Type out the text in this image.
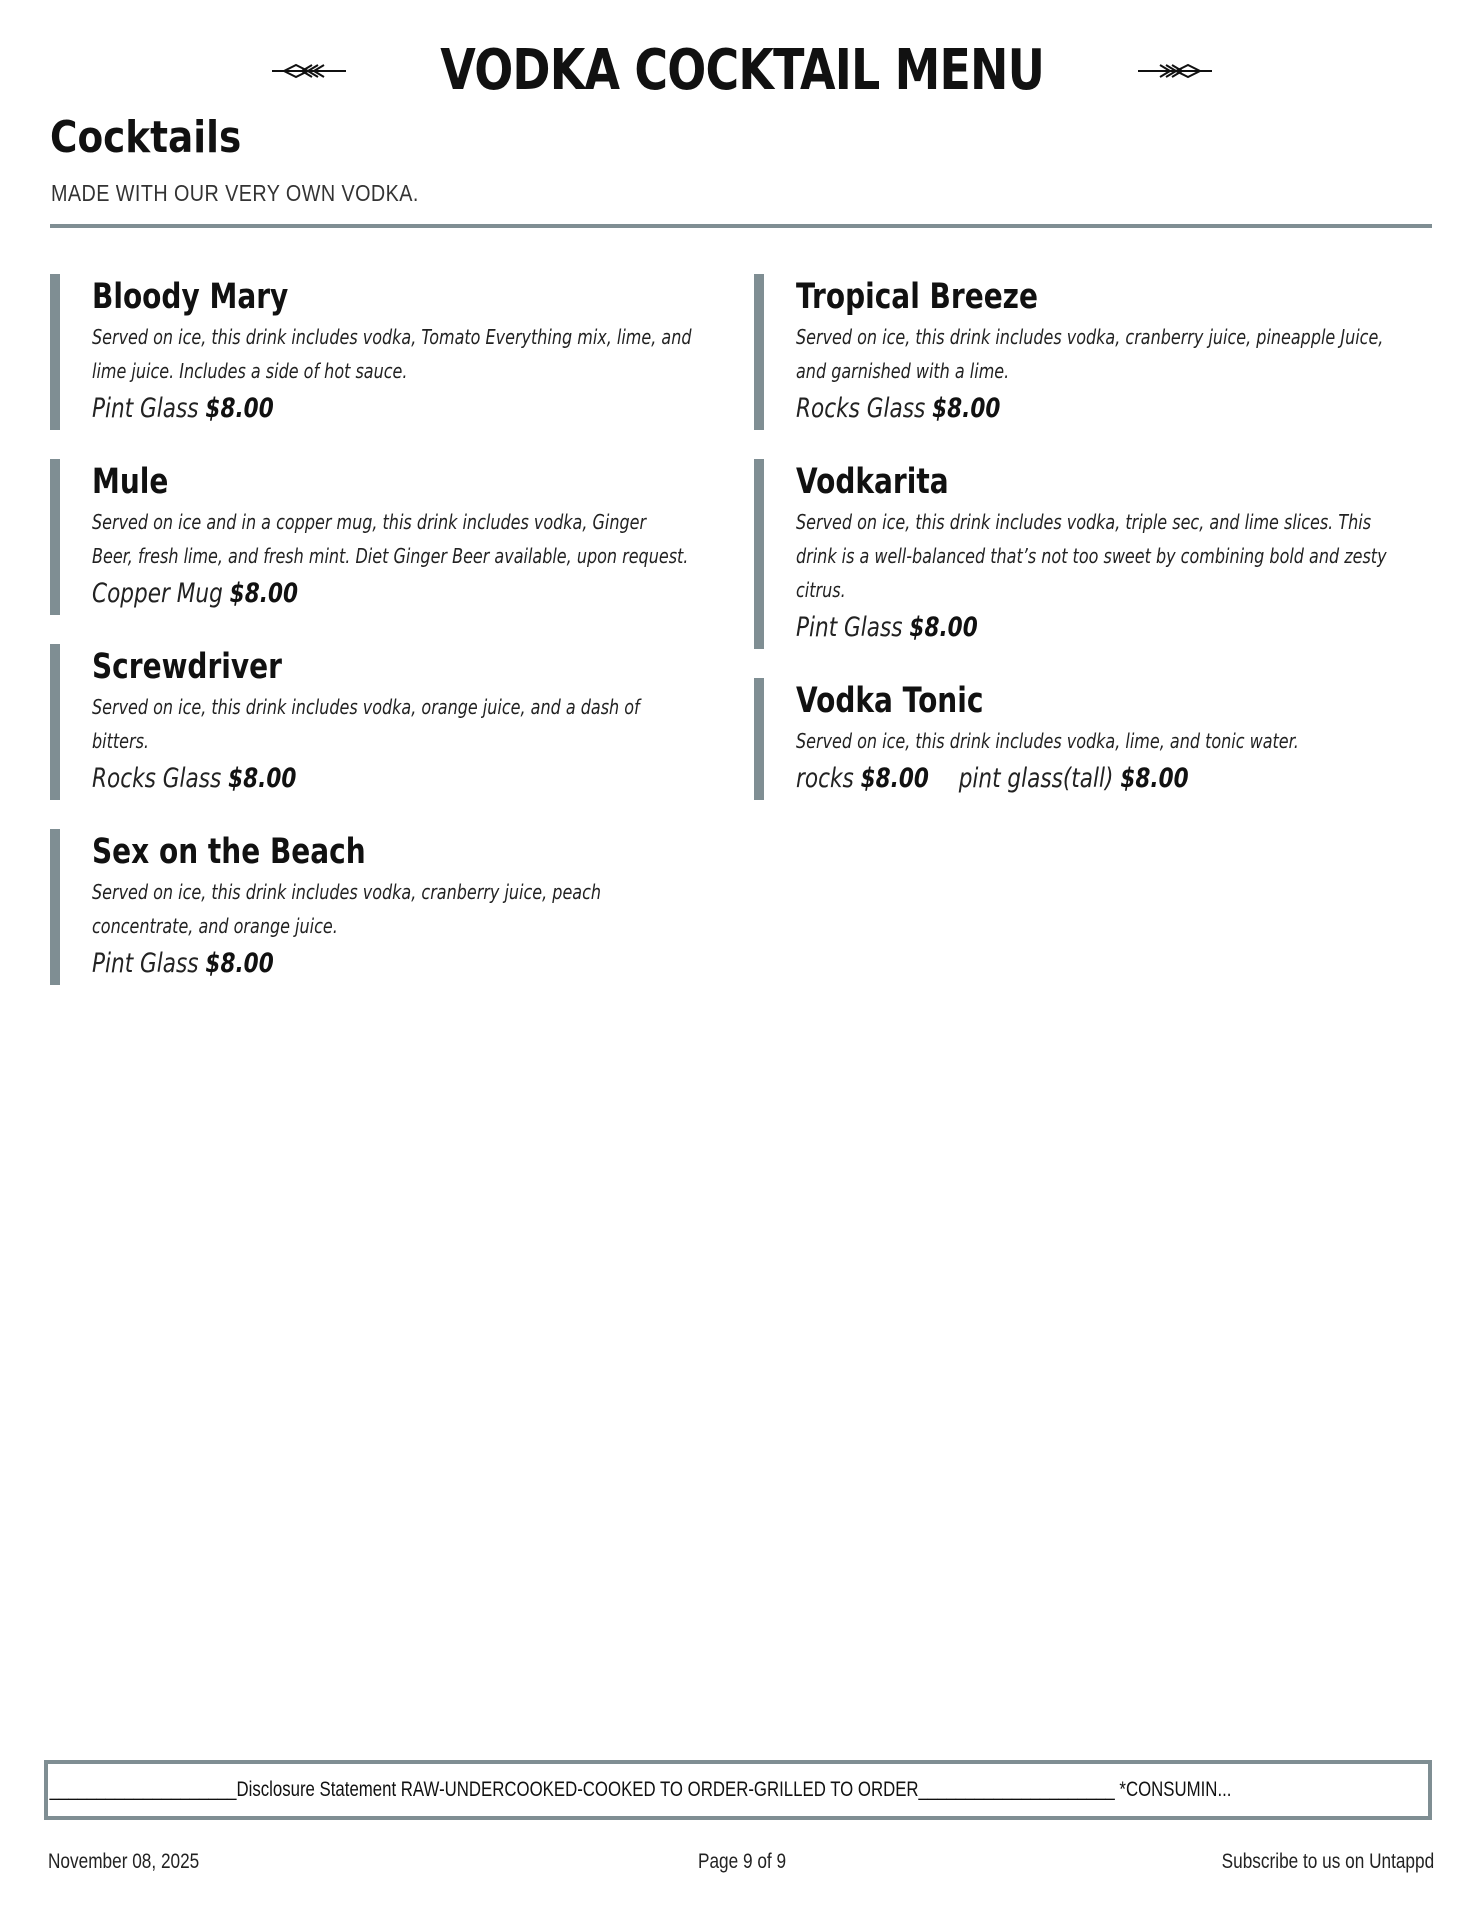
VODKA COCKTAIL MENU
Cocktails
MADE WITH OUR VERY OWN VODKA.
Bloody Mary

Served on ice, this drink includes vodka, Tomato Everything mix, lime, and lime juice. Includes a side of hot sauce.

Pint Glass $8.00
Mule

Served on ice and in a copper mug, this drink includes vodka, Ginger Beer, fresh lime, and fresh mint. Diet Ginger Beer available, upon request.

Copper Mug $8.00
Screwdriver

Served on ice, this drink includes vodka, orange juice, and a dash of bitters.

Rocks Glass $8.00
Sex on the Beach

Served on ice, this drink includes vodka, cranberry juice, peach concentrate, and orange juice.

Pint Glass $8.00
Tropical Breeze

Served on ice, this drink includes vodka, cranberry juice, pineapple Juice, and garnished with a lime.

Rocks Glass $8.00
Vodkarita

Served on ice, this drink includes vodka, triple sec, and lime slices. This drink is a well-balanced that’s not too sweet by combining bold and zesty citrus.

Pint Glass $8.00
Vodka Tonic

Served on ice, this drink includes vodka, lime, and tonic water.

rocks $8.00 pint glass(tall) $8.00
____________________Disclosure Statement RAW-UNDERCOOKED-COOKED TO ORDER-GRILLED TO ORDER_____________________ *CONSUMIN...
November 08, 2025	Page 9 of 9	Subscribe to us on Untappd
